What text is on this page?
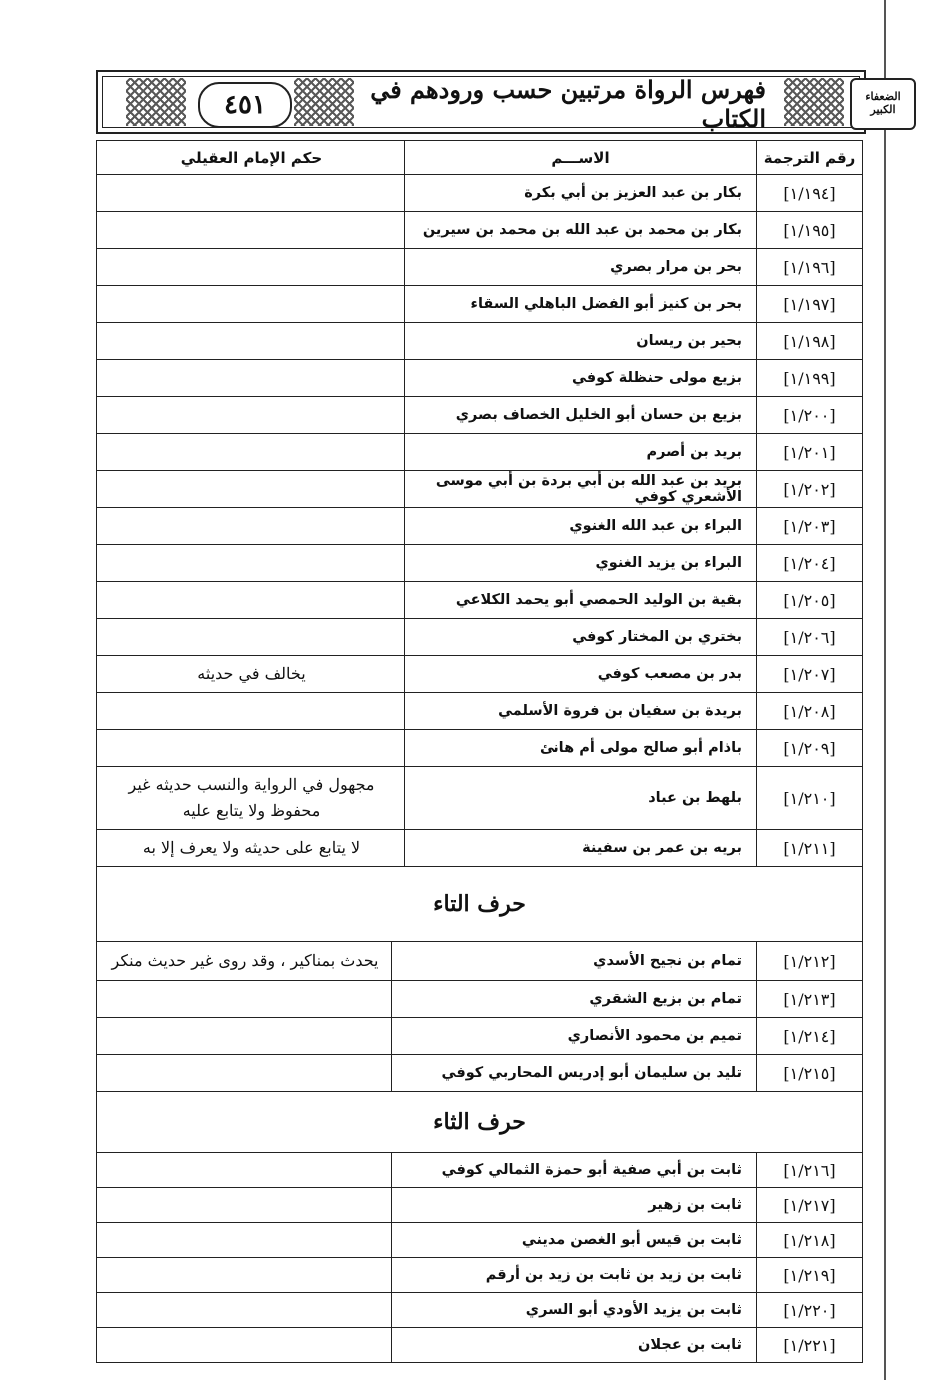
٤٥١
فهرس الرواة مرتبين حسب ورودهم في الكتاب
الضعفاء الكبير
رقم الترجمة
الاســـم
حكم الإمام العقيلي
[١/١٩٤]
بكار بن عبد العزيز بن أبي بكرة
[١/١٩٥]
بكار بن محمد بن عبد الله بن محمد بن سيرين
[١/١٩٦]
بحر بن مرار بصري
[١/١٩٧]
بحر بن كنيز أبو الفضل الباهلي السقاء
[١/١٩٨]
بحير بن ريسان
[١/١٩٩]
بزيع مولى حنظلة كوفي
[١/٢٠٠]
بزيع بن حسان أبو الخليل الخصاف بصري
[١/٢٠١]
بريد بن أصرم
[١/٢٠٢]
بريد بن عبد الله بن أبي بردة بن أبي موسى الأشعري كوفي
[١/٢٠٣]
البراء بن عبد الله الغنوي
[١/٢٠٤]
البراء بن يزيد الغنوي
[١/٢٠٥]
بقية بن الوليد الحمصي أبو يحمد الكلاعي
[١/٢٠٦]
بختري بن المختار كوفي
[١/٢٠٧]
بدر بن مصعب كوفي
يخالف في حديثه
[١/٢٠٨]
بريدة بن سفيان بن فروة الأسلمي
[١/٢٠٩]
باذام أبو صالح مولى أم هانئ
[١/٢١٠]
بلهط بن عباد
مجهول في الرواية والنسب حديثه غير محفوظ ولا يتابع عليه
[١/٢١١]
بريه بن عمر بن سفينة
لا يتابع على حديثه ولا يعرف إلا به
حرف التاء
[١/٢١٢]
تمام بن نجيح الأسدي
يحدث بمناكير ، وقد روى غير حديث منكر
[١/٢١٣]
تمام بن بزيع الشقري
[١/٢١٤]
تميم بن محمود الأنصاري
[١/٢١٥]
تليد بن سليمان أبو إدريس المحاربي كوفي
حرف الثاء
[١/٢١٦]
ثابت بن أبي صفية أبو حمزة الثمالي كوفي
[١/٢١٧]
ثابت بن زهير
[١/٢١٨]
ثابت بن قيس أبو الغصن مديني
[١/٢١٩]
ثابت بن زيد بن ثابت بن زيد بن أرقم
[١/٢٢٠]
ثابت بن يزيد الأودي أبو السري
[١/٢٢١]
ثابت بن عجلان
